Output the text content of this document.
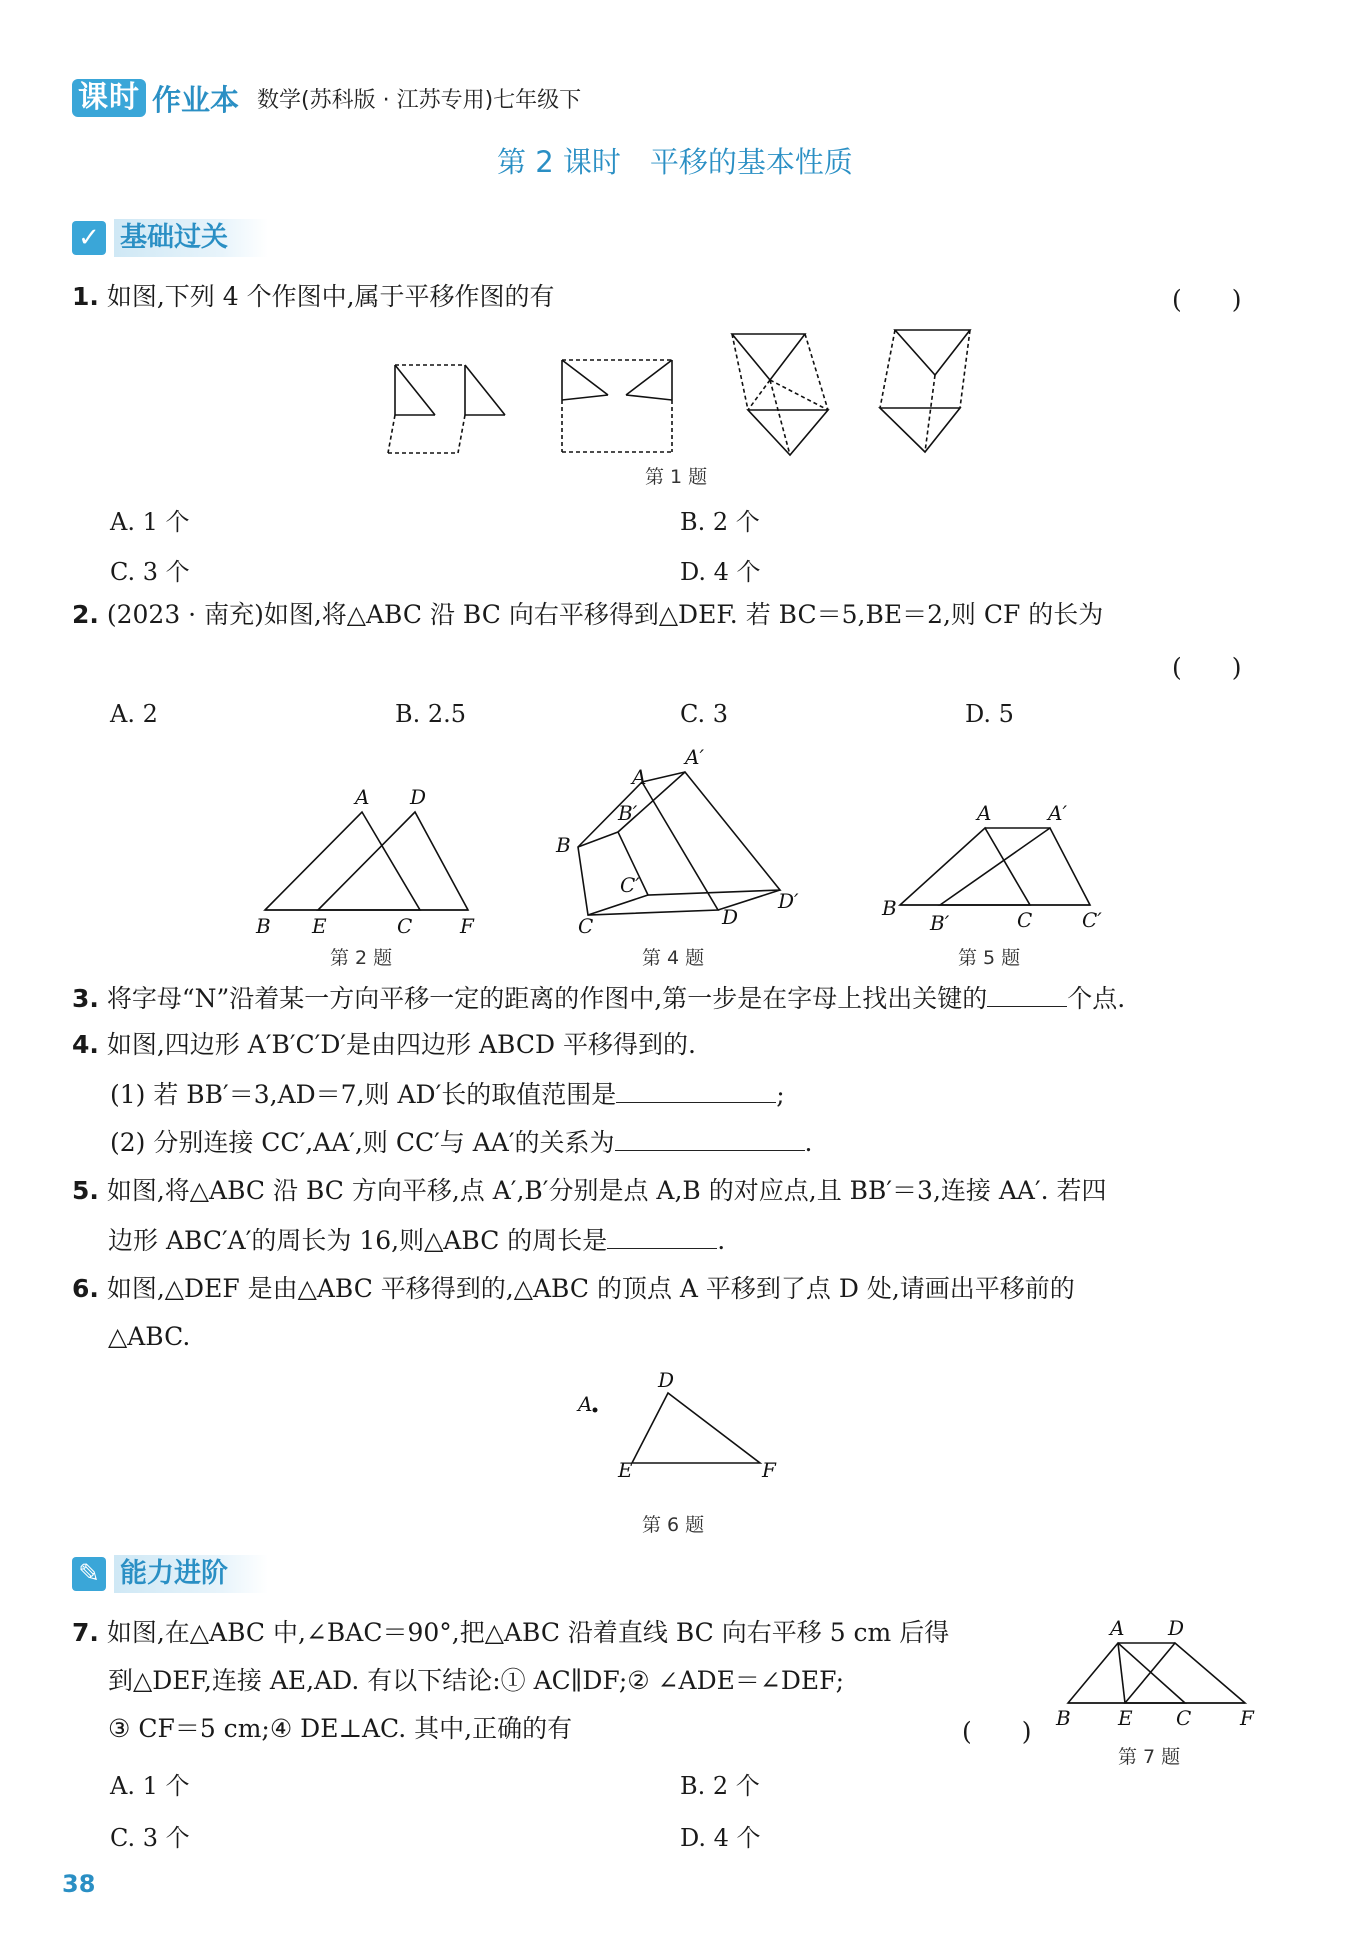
课时 作业本 数学(苏科版 · 江苏专用)七年级下
第 2 课时　平移的基本性质
✓ 基础过关
1. 如图,下列 4 个作图中,属于平移作图的有	(　　)
第 1 题
A. 1 个	B. 2 个
C. 3 个	D. 4 个
2. (2023 · 南充)如图,将△ABC 沿 BC 向右平移得到△DEF. 若 BC＝5,BE＝2,则 CF 的长为
(　　)
A. 2	B. 2.5	C. 3	D. 5
A D
B E	C F
A
A′
B′
B
C′
C	D
D′
A	A′
B
B′	C C′
第 2 题	第 4 题	第 5 题
3. 将字母“N”沿着某一方向平移一定的距离的作图中,第一步是在字母上找出关键的	个点.
4. 如图,四边形 A′B′C′D′是由四边形 ABCD 平移得到的.
(1) 若 BB′＝3,AD＝7,则 AD′长的取值范围是	;
(2) 分别连接 CC′,AA′,则 CC′与 AA′的关系为	.
5. 如图,将△ABC 沿 BC 方向平移,点 A′,B′分别是点 A,B 的对应点,且 BB′＝3,连接 AA′. 若四
边形 ABC′A′的周长为 16,则△ABC 的周长是	.
6. 如图,△DEF 是由△ABC 平移得到的,△ABC 的顶点 A 平移到了点 D 处,请画出平移前的
△ABC.
A
D
E	F
第 6 题
✎ 能力进阶
7. 如图,在△ABC 中,∠BAC＝90°,把△ABC 沿着直线 BC 向右平移 5 cm 后得
到△DEF,连接 AE,AD. 有以下结论:① AC∥DF;② ∠ADE＝∠DEF;
③ CF＝5 cm;④ DE⊥AC. 其中,正确的有	(　　)
A D
B E C F
第 7 题
A. 1 个	B. 2 个
C. 3 个	D. 4 个
38
